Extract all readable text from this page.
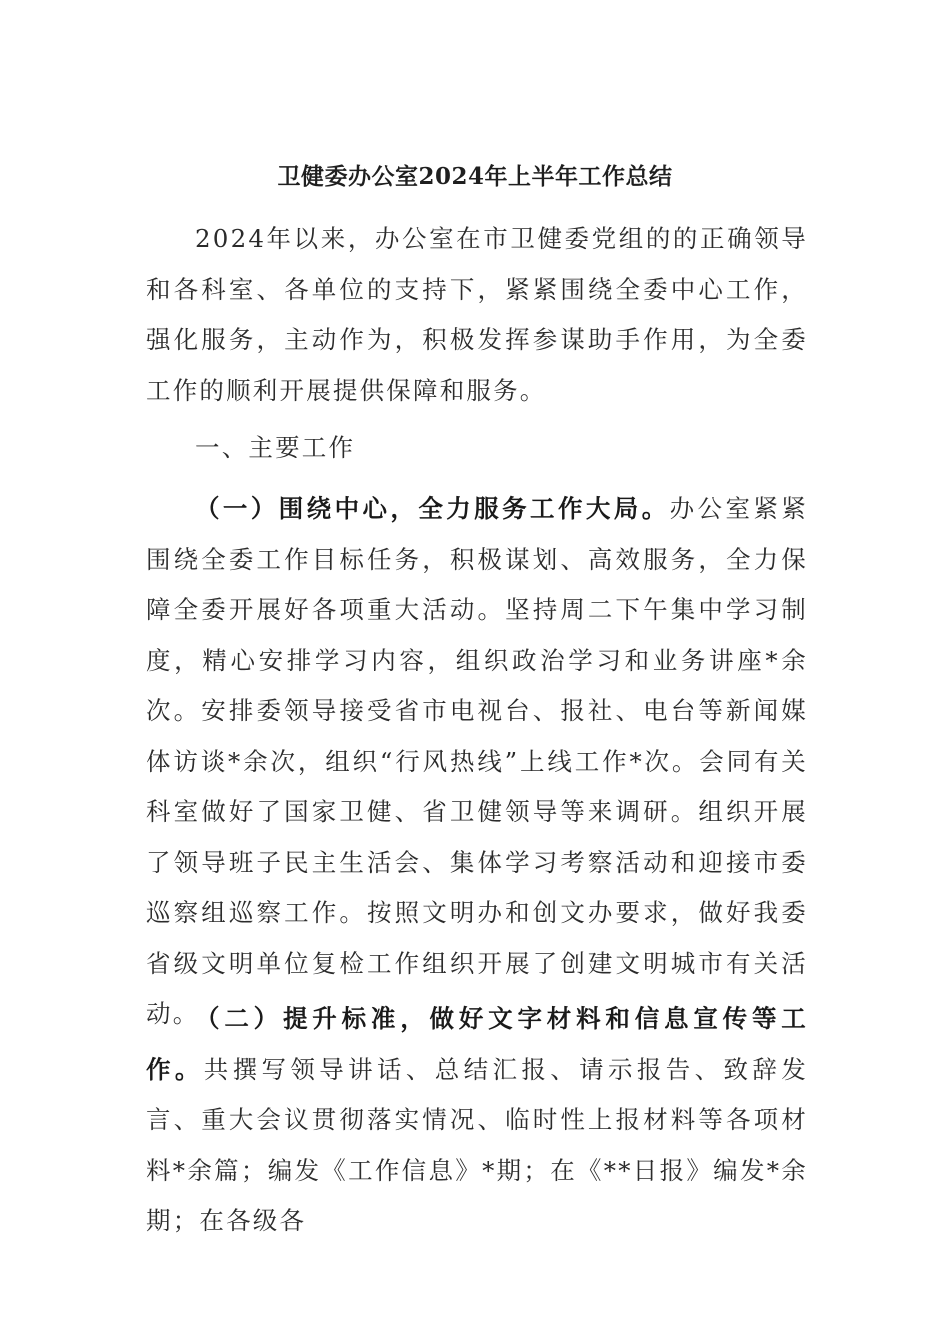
卫健委办公室2024年上半年工作总结

2024年以来，办公室在市卫健委党组的的正确领导和各科室、各单位的支持下，紧紧围绕全委中心工作，强化服务，主动作为，积极发挥参谋助手作用，为全委工作的顺利开展提供保障和服务。

一、主要工作

（一）围绕中心，全力服务工作大局。办公室紧紧围绕全委工作目标任务，积极谋划、高效服务，全力保障全委开展好各项重大活动。坚持周二下午集中学习制度，精心安排学习内容，组织政治学习和业务讲座*余次。安排委领导接受省市电视台、报社、电台等新闻媒体访谈*余次，组织“行风热线”上线工作*次。会同有关科室做好了国家卫健、省卫健领导等来调研。组织开展了领导班子民主生活会、集体学习考察活动和迎接市委巡察组巡察工作。按照文明办和创文办要求，做好我委省级文明单位复检工作组织开展了创建文明城市有关活动。

（二）提升标准，做好文字材料和信息宣传等工作。共撰写领导讲话、总结汇报、请示报告、致辞发言、重大会议贯彻落实情况、临时性上报材料等各项材料*余篇；编发《工作信息》*期；在《**日报》编发*余期；在各级各
